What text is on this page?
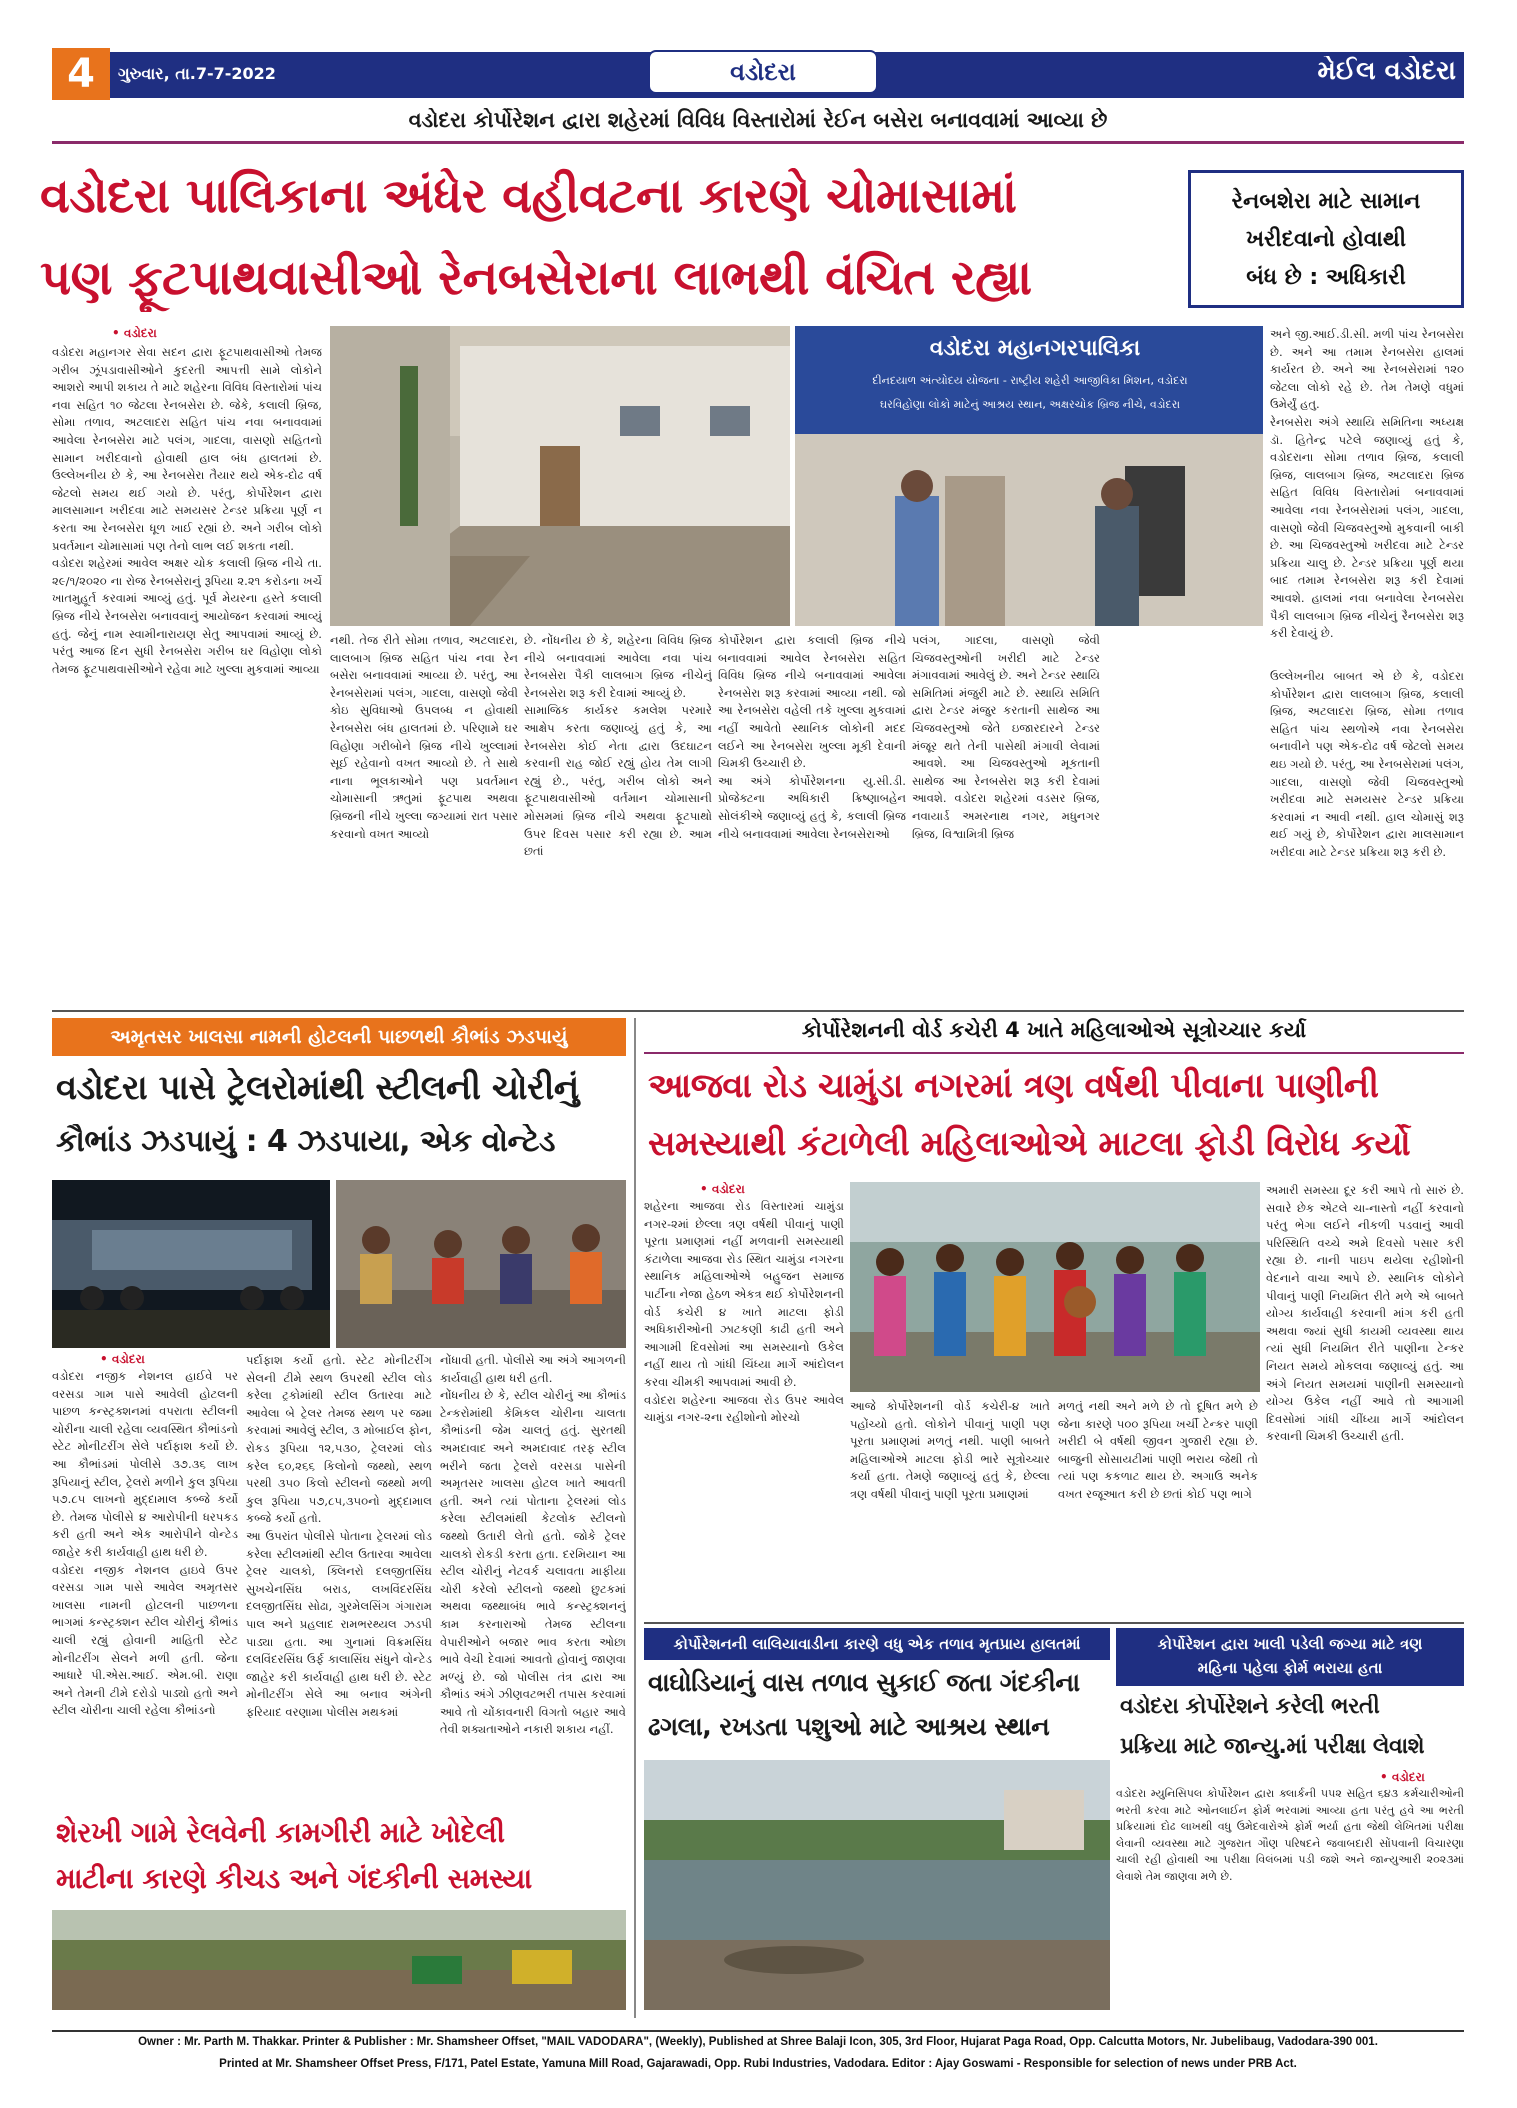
4 ગુરુવાર, તા.7-7-2022	વડોદરા	મેઈલ વડોદરા
વડોદરા કોર્પોરેશન દ્વારા શહેરમાં વિવિધ વિસ્તારોમાં રેઈન બસેરા બનાવવામાં આવ્યા છે
વડોદરા પાલિકાના અંધેર વહીવટના કારણે ચોમાસામાં
પણ ફૂટપાથવાસીઓ રેનબસેરાના લાભથી વંચિત રહ્યા
રેનબશેરા માટે સામાન
ખરીદવાનો હોવાથી
બંધ છે : અધિકારી
• વડોદરા
વડોદરા મહાનગર સેવા સદન દ્વારા ફૂટપાથવાસીઓ તેમજ ગરીબ ઝૂંપડાવાસીઓને કુદરતી આપત્તી સામે લોકોને આશરો આપી શકાય તે માટે શહેરના વિવિધ વિસ્તારોમાં પાંચ નવા સહિત ૧૦ જેટલા રેનબસેરા છે. જેકે, કલાલી બ્રિજ, સોમા તળાવ, અટલાદરા સહિત પાંચ નવા બનાવવામાં આવેલા રેનબસેરા માટે પલંગ, ગાદલા, વાસણો સહિતનો સામાન ખરીદવાનો હોવાથી હાલ બંધ હાલતમાં છે. ઉલ્લેખનીય છે કે, આ રેનબસેરા તૈયાર થયે એક-દોઢ વર્ષ જેટલો સમય થઈ ગયો છે. પરંતુ, કોર્પોરેશન દ્વારા માલસામાન ખરીદવા માટે સમયસર ટેન્ડર પ્રક્રિયા પૂર્ણ ન કરતા આ રેનબસેરા ધૂળ ખાઈ રહ્યાં છે. અને ગરીબ લોકો પ્રવર્તમાન ચોમાસામાં પણ તેનો લાભ લઈ શકતા નથી.
વડોદરા શહેરમાં આવેલ અક્ષર ચોક કલાલી બ્રિજ નીચે તા. ૨૯/૧/૨૦૨૦ ના રોજ રેનબસેરાનું રૂપિયા ૨.૨૧ કરોડના ખર્ચે ખાતમુહૂર્ત કરવામાં આવ્યું હતું. પૂર્વ મેયરના હસ્તે કલાલી બ્રિજ નીચે રેનબસેરા બનાવવાનું આયોજન કરવામાં આવ્યું હતું. જેનું નામ સ્વામીનારાયણ સેતુ આપવામાં આવ્યું છે. પરંતુ આજ દિન સુધી રેનબસેરા ગરીબ ઘર વિહોણા લોકો તેમજ ફૂટપાથવાસીઓને રહેવા માટે ખુલ્લા મુકવામાં આવ્યા
વડોદરા મહાનગરપાલિકા
દીનદયાળ અંત્યોદય યોજના - રાષ્ટ્રીય શહેરી આજીવિકા મિશન, વડોદરા
ઘરવિહોણા લોકો માટેનું આશ્રય સ્થાન, અક્ષરચોક બ્રિજ નીચે, વડોદરા
અને જી.આઈ.ડી.સી. મળી પાંચ રેનબસેરા છે. અને આ તમામ રેનબસેરા હાલમાં કાર્યરત છે. અને આ રેનબસેરામાં ૧૨૦ જેટલા લોકો રહે છે. તેમ તેમણે વધુમાં ઉમેર્યું હતુ.
રેનબસેરા અંગે સ્થાયિ સમિતિના અધ્યક્ષ ડૉ. હિતેન્દ્ર પટેલે જણાવ્યું હતું કે, વડોદરાના સોમા તળાવ બ્રિજ, કલાલી બ્રિજ, લાલબાગ બ્રિજ, અટલાદરા બ્રિજ સહિત વિવિધ વિસ્તારોમાં બનાવવામાં આવેલા નવા રેનબસેરામાં પલંગ, ગાદલા, વાસણો જેવી ચિજવસ્તુઓ મુકવાની બાકી છે. આ ચિજવસ્તુઓ ખરીદવા માટે ટેન્ડર પ્રક્રિયા ચાલુ છે. ટેન્ડર પ્રક્રિયા પૂર્ણ થયા બાદ તમામ રેનબસેરા શરૂ કરી દેવામાં આવશે. હાલમાં નવા બનાવેલા રેનબસેરા પૈકી લાલબાગ બ્રિજ નીચેનું રૈનબસેરા શરૂ કરી દેવાયું છે.
ઉલ્લેખનીય બાબત એ છે કે, વડોદરા કોર્પોરેશન દ્વારા લાલબાગ બ્રિજ, કલાલી બ્રિજ, અટલાદરા બ્રિજ, સોમા તળાવ સહિત પાંચ સ્થળોએ નવા રેનબસેરા બનાવીને પણ એક-દોઢ વર્ષ જેટલો સમય થઇ ગયો છે. પરંતુ, આ રેનબસેરામાં પલંગ, ગાદલા, વાસણો જેવી ચિજવસ્તુઓ ખરીદવા માટે સમયસર ટેન્ડર પ્રક્રિયા કરવામાં ન આવી નથી. હાલ ચોમાસું શરૂ થઈ ગયું છે, કોર્પોરેશન દ્વારા માલસામાન ખરીદવા માટે ટેન્ડર પ્રક્રિયા શરૂ કરી છે.
નથી. તેજ રીતે સોમા તળાવ, અટલાદરા, લાલબાગ બ્રિજ સહિત પાંચ નવા રેન બસેરા બનાવવામાં આવ્યા છે. પરંતુ, આ રેનબસેરામાં પલંગ, ગાદલા, વાસણો જેવી કોઇ સુવિધાઓ ઉપલબ્ધ ન હોવાથી રેનબસેરા બંધ હાલતમાં છે. પરિણામે ઘર વિહોણા ગરીબોને બ્રિજ નીચે ખુલ્લામાં સૂઈ રહેવાનો વખત આવ્યો છે. તે સાથે નાના ભૂલકાઓને પણ પ્રવર્તમાન ચોમાસાની ઋતુમાં ફૂટપાથ અથવા બ્રિજની નીચે ખુલ્લા જગ્યામાં રાત પસાર કરવાનો વખત આવ્યો
છે. નોંધનીય છે કે, શહેરના વિવિધ બ્રિજ નીચે બનાવવામાં આવેલા નવા પાંચ રેનબસેરા પૈકી લાલબાગ બ્રિજ નીચેનું રેનબસેરા શરૂ કરી દેવામાં આવ્યું છે.
સામાજિક કાર્યકર કમલેશ પરમારે આક્ષેપ કરતા જણાવ્યું હતું કે, આ રેનબસેરા કોઈ નેતા દ્વારા ઉદઘાટન કરવાની રાહ જોઈ રહ્યું હોય તેમ લાગી રહ્યું છે., પરંતુ, ગરીબ લોકો અને ફૂટપાથવાસીઓ વર્તમાન ચોમાસાની મોસમમાં બ્રિજ નીચે અથવા ફૂટપાથો ઉપર દિવસ પસાર કરી રહ્યા છે. આમ છતાં
કોર્પોરેશન દ્વારા કલાલી બ્રિજ નીચે બનાવવામાં આવેલ રેનબસેરા સહિત વિવિધ બ્રિજ નીચે બનાવવામાં આવેલા રેનબસેરા શરૂ કરવામાં આવ્યા નથી. જો આ રેનબસેરા વહેલી તકે ખુલ્લા મુકવામાં નહીં આવેતો સ્થાનિક લોકોની મદદ લઈને આ રેનબસેરા ખુલ્લા મૂકી દેવાની ચિમકી ઉચ્ચારી છે.
આ અંગે કોર્પોરેશનના યુ.સી.ડી. પ્રોજેક્ટના અધિકારી ક્રિષ્ણાબહેન સોલંકીએ જણાવ્યું હતું કે, કલાલી બ્રિજ નીચે બનાવવામાં આવેલા રેનબસેરાઓ
પલંગ, ગાદલા, વાસણો જેવી ચિજવસ્તુઓની ખરીદી માટે ટેન્ડર મંગાવવામાં આવેલું છે. અને ટેન્ડર સ્થાયિ સમિતિમાં મંજુરી માટે છે. સ્થાયિ સમિતિ દ્વારા ટેન્ડર મંજુર કરતાની સાથેજ આ ચિજવસ્તુઓ જેતે ઇજારદારને ટેન્ડર મંજૂર થતે તેની પાસેથી મંગાવી લેવામાં આવશે. આ ચિજવસ્તુઓ મૂકતાની સાથેજ આ રેનબસેરા શરૂ કરી દેવામાં આવશે. વડોદરા શહેરમાં વડસર બ્રિજ, નવાયાર્ડ અમરનાથ નગર, મધુનગર બ્રિજ, વિશ્વામિત્રી બ્રિજ
અમૃતસર ખાલસા નામની હોટલની પાછળથી કૌભાંડ ઝડપાયું
વડોદરા પાસે ટ્રેલરોમાંથી સ્ટીલની ચોરીનું
કૌભાંડ ઝડપાયું : 4 ઝડપાયા, એક વોન્ટેડ
• વડોદરા
વડોદરા નજીક નેશનલ હાઈવે પર વરસડા ગામ પાસે આવેલી હોટલની પાછળ કન્સ્ટ્રક્શનમાં વપરાતા સ્ટીલની ચોરીના ચાલી રહેલા વ્યવસ્થિત કૌભાંડનો સ્ટેટ મોનીટરીંગ સેલે પર્દાફાશ કર્યો છે. આ કૌભાંડમાં પોલીસે ૩૭.૩૬ લાખ રૂપિયાનું સ્ટીલ, ટ્રેલરો મળીને કુલ રૂપિયા ૫૭.૮૫ લાખનો મુદ્દામાલ કબ્જે કર્યો છે. તેમજ પોલીસે ૪ આરોપીની ધરપકડ કરી હતી અને એક આરોપીને વોન્ટેડ જાહેર કરી કાર્યવાહી હાથ ધરી છે.
વડોદરા નજીક નેશનલ હાઇવે ઉપર વરસડા ગામ પાસે આવેલ અમૃતસર ખાલસા નામની હોટલની પાછળના ભાગમાં કન્સ્ટ્રક્શન સ્ટીલ ચોરીનું કૌભાંડ ચાલી રહ્યું હોવાની માહિતી સ્ટેટ મોનીટરીંગ સેલને મળી હતી. જેના આધારે પી.એસ.આઈ. એમ.બી. રાણા અને તેમની ટીમે દરોડો પાડ્યો હતો અને સ્ટીલ ચોરીના ચાલી રહેલા કૌભાંડનો
પર્દાફાશ કર્યો હતો. સ્ટેટ મોનીટરીંગ સેલની ટીમે સ્થળ ઉપરથી સ્ટીલ લોડ કરેલા ટ્રકોમાંથી સ્ટીલ ઉતારવા માટે આવેલા બે ટ્રેલર તેમજ સ્થળ પર જમા કરવામાં આવેલું સ્ટીલ, ૩ મોબાઈલ ફોન, રોકડ રૂપિયા ૧૨,૫૩૦, ટ્રેલરમાં લોડ કરેલ ૬૦,૨૬૬ કિલોનો જથ્થો, સ્થળ પરથી ૩૫૦ કિલો સ્ટીલનો જથ્થો મળી કુલ રૂપિયા ૫૭,૮૫,૩૫૦નો મુદ્દામાલ કબ્જે કર્યો હતો.
આ ઉપરાંત પોલીસે પોતાના ટ્રેલરમાં લોડ કરેલા સ્ટીલમાંથી સ્ટીલ ઉતારવા આવેલા ટ્રેલર ચાલકો, ક્લિનરો દલજીતસિંઘ સુખચેનસિંઘ બરાડ, લખવિંદરસિંઘ દલજીતસિંઘ સોઢા, ગુરમેલસિંગ ગંગારામ પાલ અને પ્રહલાદ રામભરથ્યલ ઝડપી પાડ્યા હતા. આ ગુનામાં વિક્રમસિંઘ દલવિંદરસિંઘ ઉર્ફ કાલાસિંઘ સંધુને વોન્ટેડ જાહેર કરી કાર્યવાહી હાથ ધરી છે. સ્ટેટ મોનીટરીંગ સેલે આ બનાવ અંગેની ફરિયાદ વરણામા પોલીસ મથકમાં
નોંધાવી હતી. પોલીસે આ અંગે આગળની કાર્યવાહી હાથ ધરી હતી.
નોંધનીય છે કે, સ્ટીલ ચોરીનું આ કૌભાંડ ટેન્કરોમાંથી કેમિકલ ચોરીના ચાલતા કૌભાંડની જેમ ચાલતું હતું. સુરતથી અમદાવાદ અને અમદાવાદ તરફ સ્ટીલ ભરીને જતા ટ્રેલરો વરસડા પાસેની અમૃતસર ખાલસા હોટલ ખાતે આવતી હતી. અને ત્યાં પોતાના ટ્રેલરમાં લોડ કરેલા સ્ટીલમાંથી કેટલોક સ્ટીલનો જથ્થો ઉતારી લેતો હતો. જોકે ટ્રેલર ચાલકો રોકડી કરતા હતા. દરમિયાન આ સ્ટીલ ચોરીનું નેટવર્ક ચલાવતા માફીયા ચોરી કરેલો સ્ટીલનો જથ્થો છુટકમાં અથવા જથ્થાબંધ ભાવે કન્સ્ટ્રક્શનનું કામ કરનારાઓ તેમજ સ્ટીલના વેપારીઓને બજાર ભાવ કરતા ઓછા ભાવે વેચી દેવામાં આવતો હોવાનું જાણવા મળ્યું છે. જો પોલીસ તંત્ર દ્વારા આ કૌભાંડ અંગે ઝીણવટભરી તપાસ કરવામાં આવે તો ચોંકાવનારી વિગતો બહાર આવે તેવી શક્યતાઓને નકારી શકાય નહીં.
કોર્પોરેશનની વોર્ડ કચેરી 4 ખાતે મહિલાઓએ સૂત્રોચ્ચાર કર્યા
આજવા રોડ ચામુંડા નગરમાં ત્રણ વર્ષથી પીવાના પાણીની
સમસ્યાથી કંટાળેલી મહિલાઓએ માટલા ફોડી વિરોધ કર્યો
• વડોદરા
શહેરના આજવા રોડ વિસ્તારમાં ચામુંડા નગર-૨માં છેલ્લા ત્રણ વર્ષથી પીવાનું પાણી પૂરતા પ્રમાણમાં નહીં મળવાની સમસ્યાથી કંટાળેલા આજવા રોડ સ્થિત ચામુંડા નગરના સ્થાનિક મહિલાઓએ બહુજન સમાજ પાર્ટીના નેજા હેઠળ એકત્ર થઈ કોર્પોરેશનની વોર્ડ કચેરી ૪ ખાતે માટલા ફોડી અધિકારીઓની ઝાટકણી કાઢી હતી અને આગામી દિવસોમાં આ સમસ્યાનો ઉકેલ નહીં થાય તો ગાંધી ચિંધ્યા માર્ગે આંદોલન કરવા ચીમકી આપવામાં આવી છે.
વડોદરા શહેરના આજવા રોડ ઉપર આવેલ ચામુંડા નગર-૨ના રહીશોનો મોરચો
આજે કોર્પોરેશનની વોર્ડ કચેરી-૪ ખાતે પહોંચ્યો હતો. લોકોને પીવાનું પાણી પણ પૂરતા પ્રમાણમાં મળતું નથી. પાણી બાબતે મહિલાઓએ માટલા ફોડી ભારે સૂત્રોચ્ચાર કર્યા હતા. તેમણે જણાવ્યું હતું કે, છેલ્લા ત્રણ વર્ષથી પીવાનું પાણી પૂરતા પ્રમાણમાં
મળતું નથી અને મળે છે તો દૂષિત મળે છે જેના કારણે ૫૦૦ રૂપિયા ખર્ચી ટેન્કર પાણી ખરીદી બે વર્ષથી જીવન ગુજારી રહ્યા છે. બાજુની સોસાયટીમાં પાણી ભરાય જેથી તો ત્યાં પણ કકળાટ થાય છે. અગાઉ અનેક વખત રજૂઆત કરી છે છતાં કોઈ પણ ભાગે
અમારી સમસ્યા દૂર કરી આપે તો સારું છે. સવારે છેક એટલે ચા-નાસ્તો નહીં કરવાનો પરંતુ ભેગા લઈને નીકળી પડવાનું આવી પરિસ્થિતિ વચ્ચે અમે દિવસો પસાર કરી રહ્યા છે. નાની પાઇપ થયેલા રહીશોની વેદનાને વાચા આપે છે. સ્થાનિક લોકોને પીવાનું પાણી નિયમિત રીતે મળે એ બાબતે યોગ્ય કાર્યવાહી કરવાની માંગ કરી હતી અથવા જ્યાં સુધી કાયમી વ્યવસ્થા થાય ત્યાં સુધી નિયમિત રીતે પાણીના ટેન્કર નિયત સમયે મોકલવા જણાવ્યું હતું. આ અંગે નિયત સમયમાં પાણીની સમસ્યાનો યોગ્ય ઉકેલ નહીં આવે તો આગામી દિવસોમાં ગાંધી ચીંધ્યા માર્ગે આંદોલન કરવાની ચિમકી ઉચ્ચારી હતી.
કોર્પોરેશનની લાલિયાવાડીના કારણે વધુ એક તળાવ મૃતપ્રાય હાલતમાં
વાઘોડિયાનું વાસ તળાવ સુકાઈ જતા ગંદકીના
ઢગલા, રખડતા પશુઓ માટે આશ્રય સ્થાન
કોર્પોરેશન દ્વારા ખાલી પડેલી જગ્યા માટે ત્રણ
મહિના પહેલા ફોર્મ ભરાયા હતા
વડોદરા કોર્પોરેશને કરેલી ભરતી
પ્રક્રિયા માટે જાન્યુ.માં પરીક્ષા લેવાશે
• વડોદરા
વડોદરા મ્યુનિસિપલ કોર્પોરેશન દ્વારા ક્લાર્કની ૫૫૨ સહિત ૬૪૩ કર્મચારીઓની ભરતી કરવા માટે ઓનલાઈન ફોર્મ ભરવામાં આવ્યા હતા પરંતુ હવે આ ભરતી પ્રક્રિયામાં દોઢ લાખથી વધુ ઉમેદવારોએ ફોર્મ ભર્યા હતા જેથી લેખિતમાં પરીક્ષા લેવાની વ્યવસ્થા માટે ગુજરાત ગૌણ પરિષદને જવાબદારી સોંપવાની વિચારણા ચાલી રહી હોવાથી આ પરીક્ષા વિલંબમાં પડી જશે અને જાન્યુઆરી ૨૦૨૩માં લેવાશે તેમ જાણવા મળે છે.
શેરખી ગામે રેલવેની કામગીરી માટે ખોદેલી
માટીના કારણે કીચડ અને ગંદકીની સમસ્યા
Owner : Mr. Parth M. Thakkar. Printer & Publisher : Mr. Shamsheer Offset, "MAIL VADODARA", (Weekly), Published at Shree Balaji Icon, 305, 3rd Floor, Hujarat Paga Road, Opp. Calcutta Motors, Nr. Jubelibaug, Vadodara-390 001.
Printed at Mr. Shamsheer Offset Press, F/171, Patel Estate, Yamuna Mill Road, Gajarawadi, Opp. Rubi Industries, Vadodara. Editor : Ajay Goswami - Responsible for selection of news under PRB Act.
